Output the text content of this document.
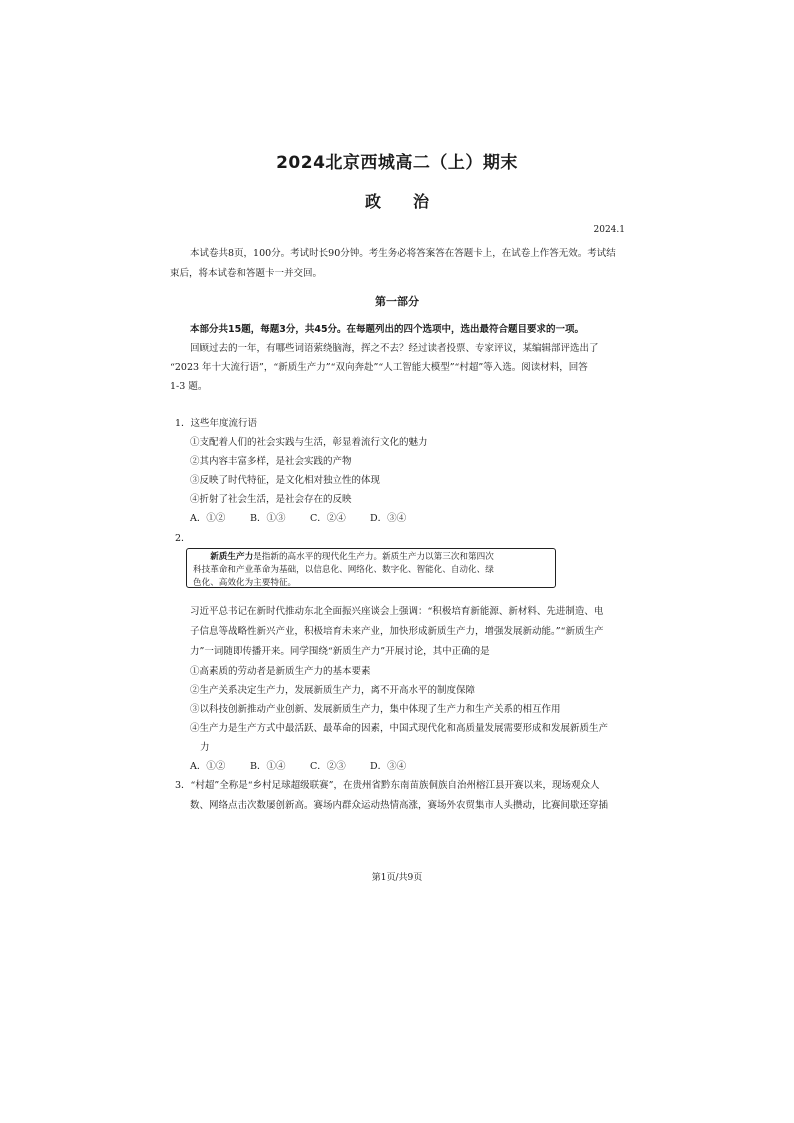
2024北京西城高二（上）期末
政　　治
2024.1
本试卷共8页，100分。考试时长90分钟。考生务必将答案答在答题卡上，在试卷上作答无效。考试结
束后，将本试卷和答题卡一并交回。
第一部分
本部分共15题，每题3分，共45分。在每题列出的四个选项中，选出最符合题目要求的一项。
回顾过去的一年，有哪些词语萦绕脑海，挥之不去？经过读者投票、专家评议，某编辑部评选出了
“2023 年十大流行语”，“新质生产力”“双向奔赴”“人工智能大模型”“村超”等入选。阅读材料，回答
1-3 题。
1．这些年度流行语
①支配着人们的社会实践与生活，彰显着流行文化的魅力
②其内容丰富多样，是社会实践的产物
③反映了时代特征，是文化相对独立性的体现
④折射了社会生活，是社会存在的反映
A．①②	B．①③	C．②④	D．③④
2．
新质生产力是指新的高水平的现代化生产力。新质生产力以第三次和第四次
科技革命和产业革命为基础，以信息化、网络化、数字化、智能化、自动化、绿
色化、高效化为主要特征。
习近平总书记在新时代推动东北全面振兴座谈会上强调：“积极培育新能源、新材料、先进制造、电
子信息等战略性新兴产业，积极培育未来产业，加快形成新质生产力，增强发展新动能。”“新质生产
力”一词随即传播开来。同学围绕“新质生产力”开展讨论，其中正确的是
①高素质的劳动者是新质生产力的基本要素
②生产关系决定生产力，发展新质生产力，离不开高水平的制度保障
③以科技创新推动产业创新、发展新质生产力，集中体现了生产力和生产关系的相互作用
④生产力是生产方式中最活跃、最革命的因素，中国式现代化和高质量发展需要形成和发展新质生产
力
A．①②	B．①④	C．②③	D．③④
3．“村超”全称是“乡村足球超级联赛”，在贵州省黔东南苗族侗族自治州榕江县开赛以来，现场观众人
数、网络点击次数屡创新高。赛场内群众运动热情高涨，赛场外农贸集市人头攒动，比赛间歇还穿插
第1页/共9页
